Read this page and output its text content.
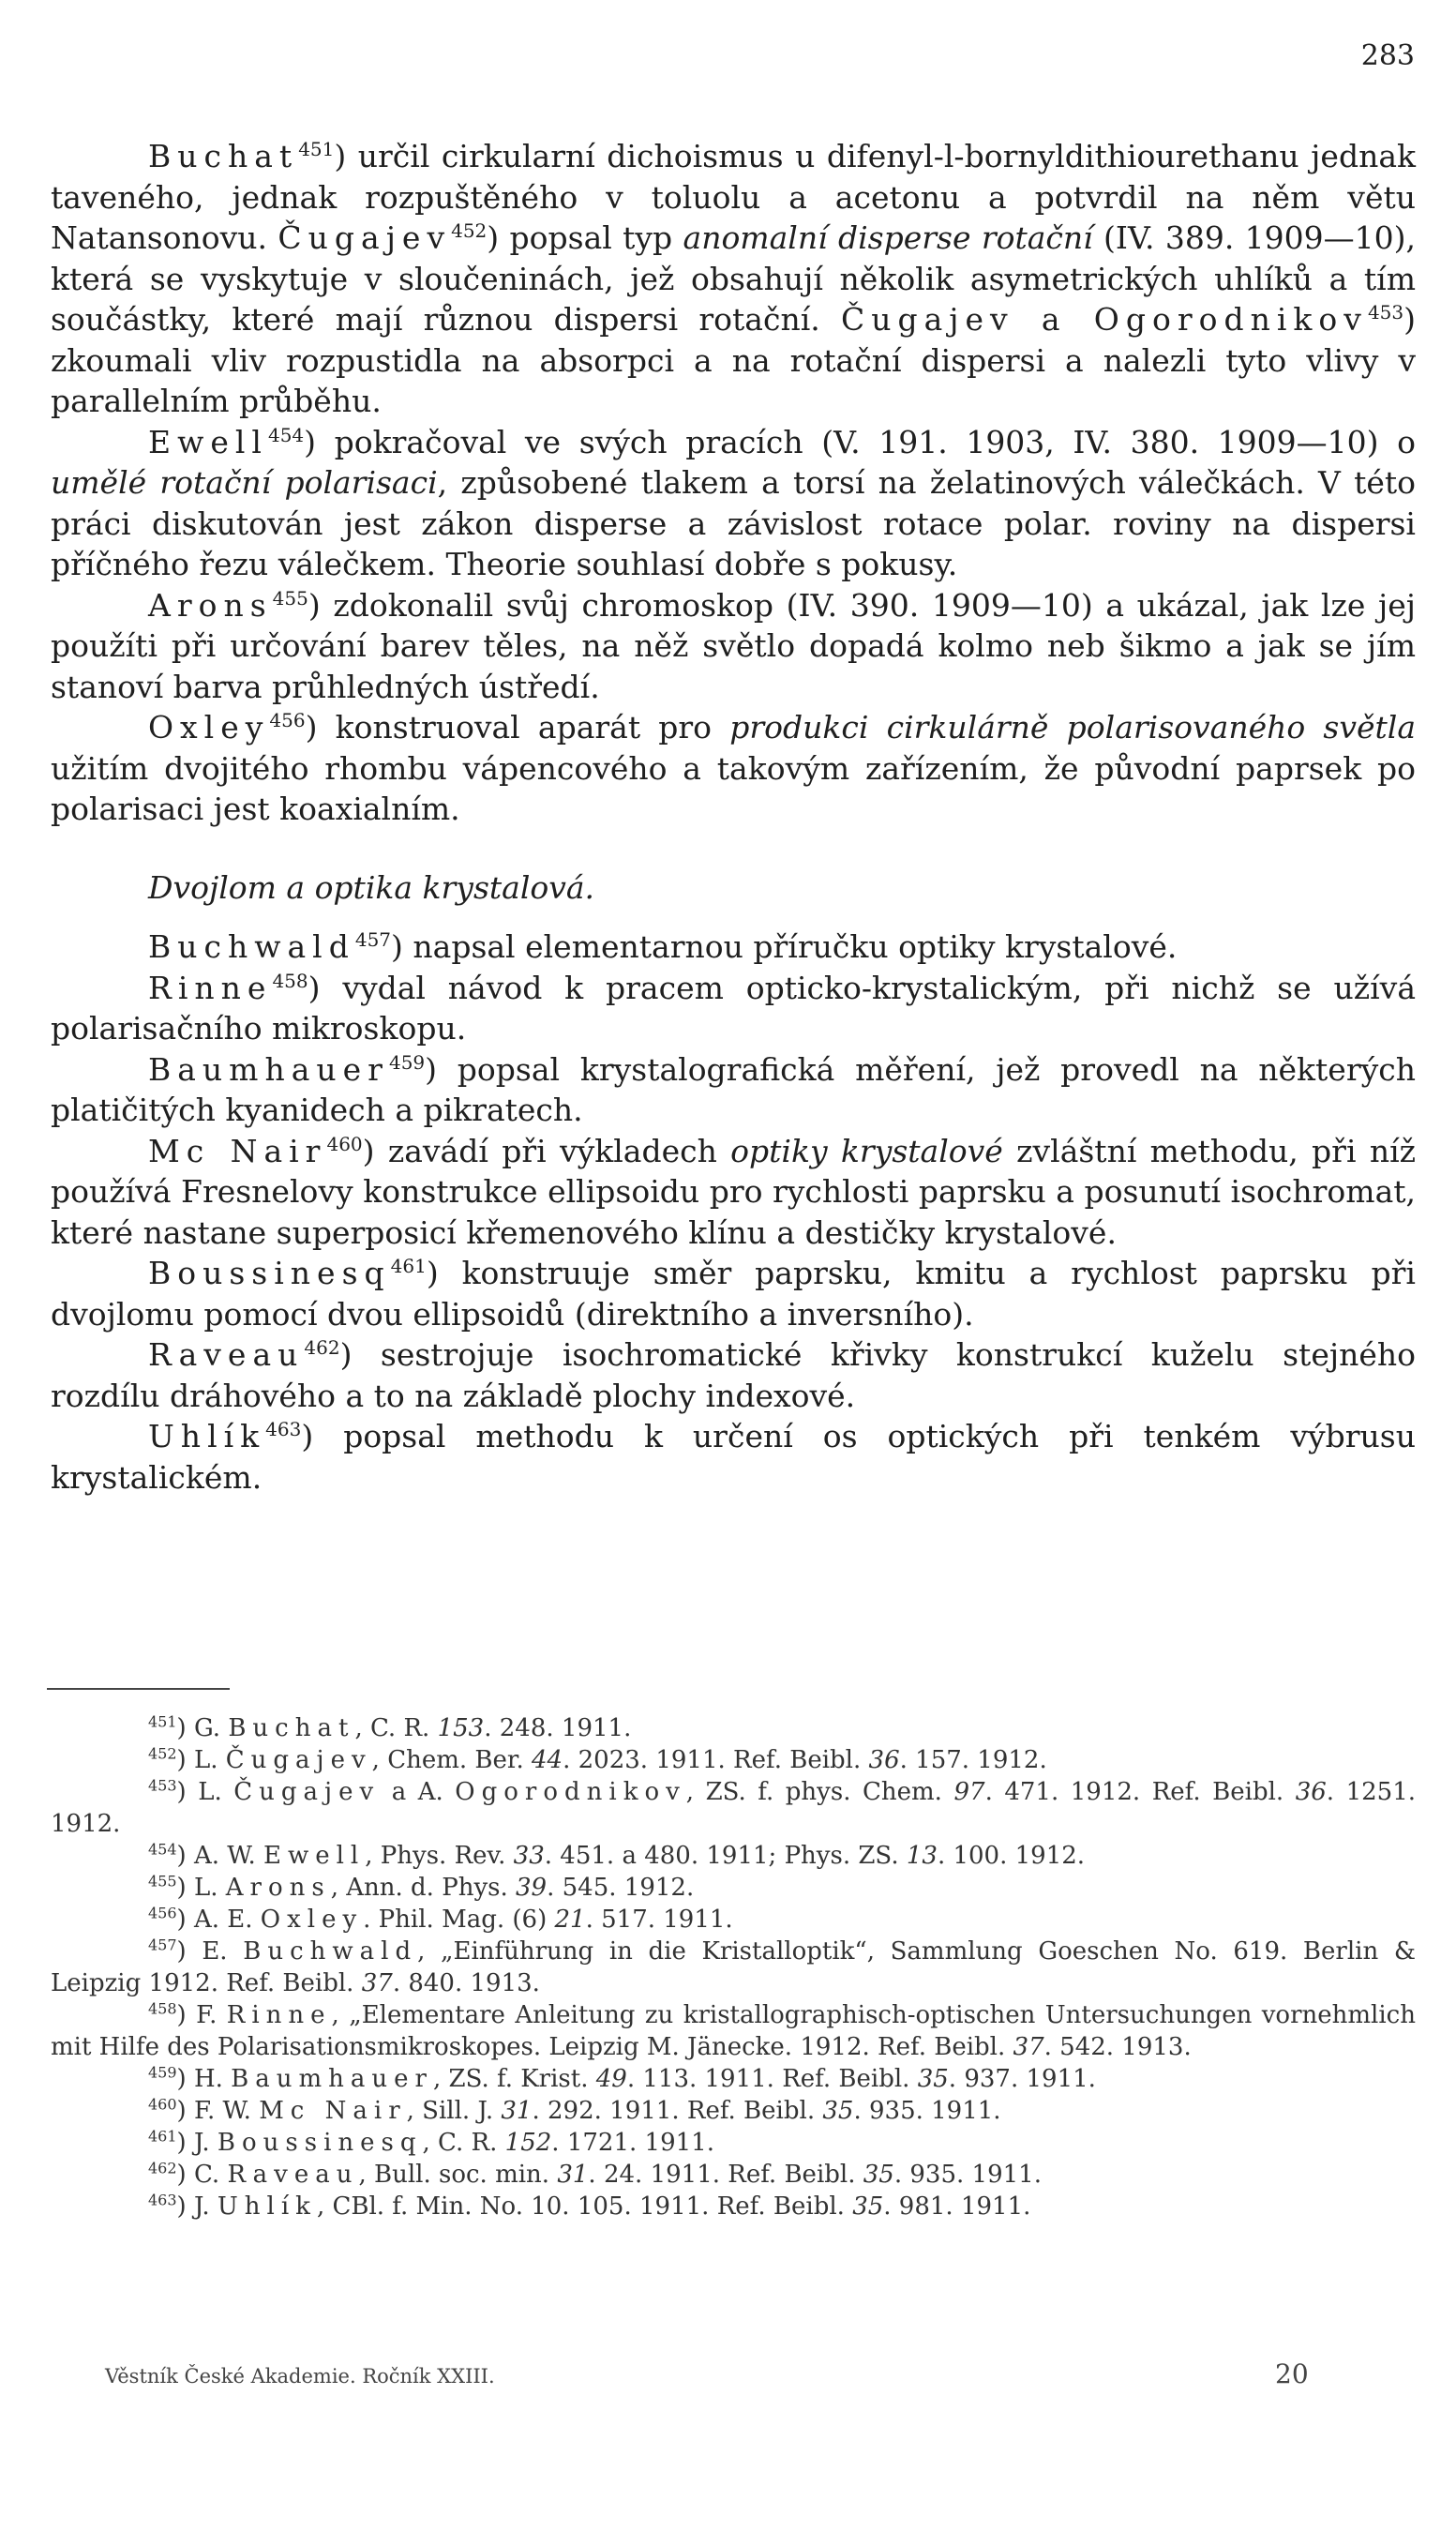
283

Buchat$^{451}$) určil cirkularní dichoismus u difenyl-l-bornyldithiourethanu jednak taveného, jednak rozpuštěného v toluolu a acetonu a potvrdil na něm větu Natansonovu. Čugajev$^{452}$) popsal typ anomalní disperse rotační (IV. 389. 1909—10), která se vyskytuje v sloučeninách, jež obsahují několik asymetrických uhlíků a tím součástky, které mají různou dispersi rotační. Čugajev a Ogorodnikov$^{453}$) zkoumali vliv rozpustidla na absorpci a na rotační dispersi a nalezli tyto vlivy v parallelním průběhu.

Ewell$^{454}$) pokračoval ve svých pracích (V. 191. 1903, IV. 380. 1909—10) o umělé rotační polarisaci, způsobené tlakem a torsí na želatinových válečkách. V této práci diskutován jest zákon disperse a závislost rotace polar. roviny na dispersi příčného řezu válečkem. Theorie souhlasí dobře s pokusy.

Arons$^{455}$) zdokonalil svůj chromoskop (IV. 390. 1909—10) a ukázal, jak lze jej použíti při určování barev těles, na něž světlo dopadá kolmo neb šikmo a jak se jím stanoví barva průhledných ústředí.

Oxley$^{456}$) konstruoval aparát pro produkci cirkulárně polarisovaného světla užitím dvojitého rhombu vápencového a takovým zařízením, že původní paprsek po polarisaci jest koaxialním.

Dvojlom a optika krystalová.

Buchwald$^{457}$) napsal elementarnou příručku optiky krystalové.

Rinne$^{458}$) vydal návod k pracem opticko-krystalickým, při nichž se užívá polarisačního mikroskopu.

Baumhauer$^{459}$) popsal krystalografická měření, jež provedl na některých platičitých kyanidech a pikratech.

Mc Nair$^{460}$) zavádí při výkladech optiky krystalové zvláštní methodu, při níž používá Fresnelovy konstrukce ellipsoidu pro rychlosti paprsku a posunutí isochromat, které nastane superposicí křemenového klínu a destičky krystalové.

Boussinesq$^{461}$) konstruuje směr paprsku, kmitu a rychlost paprsku při dvojlomu pomocí dvou ellipsoidů (direktního a inversního).

Raveau$^{462}$) sestrojuje isochromatické křivky konstrukcí kuželu stejného rozdílu dráhového a to na základě plochy indexové.

Uhlík$^{463}$) popsal methodu k určení os optických při tenkém výbrusu krystalickém.

$^{451}$) G. Buchat, C. R. 153. 248. 1911.

$^{452}$) L. Čugajev, Chem. Ber. 44. 2023. 1911. Ref. Beibl. 36. 157. 1912.

$^{453}$) L. Čugajev a A. Ogorodnikov, ZS. f. phys. Chem. 97. 471. 1912. Ref. Beibl. 36. 1251. 1912.

$^{454}$) A. W. Ewell, Phys. Rev. 33. 451. a 480. 1911; Phys. ZS. 13. 100. 1912.

$^{455}$) L. Arons, Ann. d. Phys. 39. 545. 1912.

$^{456}$) A. E. Oxley. Phil. Mag. (6) 21. 517. 1911.

$^{457}$) E. Buchwald, „Einführung in die Kristalloptik“, Sammlung Goeschen No. 619. Berlin & Leipzig 1912. Ref. Beibl. 37. 840. 1913.

$^{458}$) F. Rinne, „Elementare Anleitung zu kristallographisch-optischen Untersuchungen vornehmlich mit Hilfe des Polarisationsmikroskopes. Leipzig M. Jänecke. 1912. Ref. Beibl. 37. 542. 1913.

$^{459}$) H. Baumhauer, ZS. f. Krist. 49. 113. 1911. Ref. Beibl. 35. 937. 1911.

$^{460}$) F. W. Mc Nair, Sill. J. 31. 292. 1911. Ref. Beibl. 35. 935. 1911.

$^{461}$) J. Boussinesq, C. R. 152. 1721. 1911.

$^{462}$) C. Raveau, Bull. soc. min. 31. 24. 1911. Ref. Beibl. 35. 935. 1911.

$^{463}$) J. Uhlík, CBl. f. Min. No. 10. 105. 1911. Ref. Beibl. 35. 981. 1911.

Věstník České Akademie. Ročník XXIII.	20
